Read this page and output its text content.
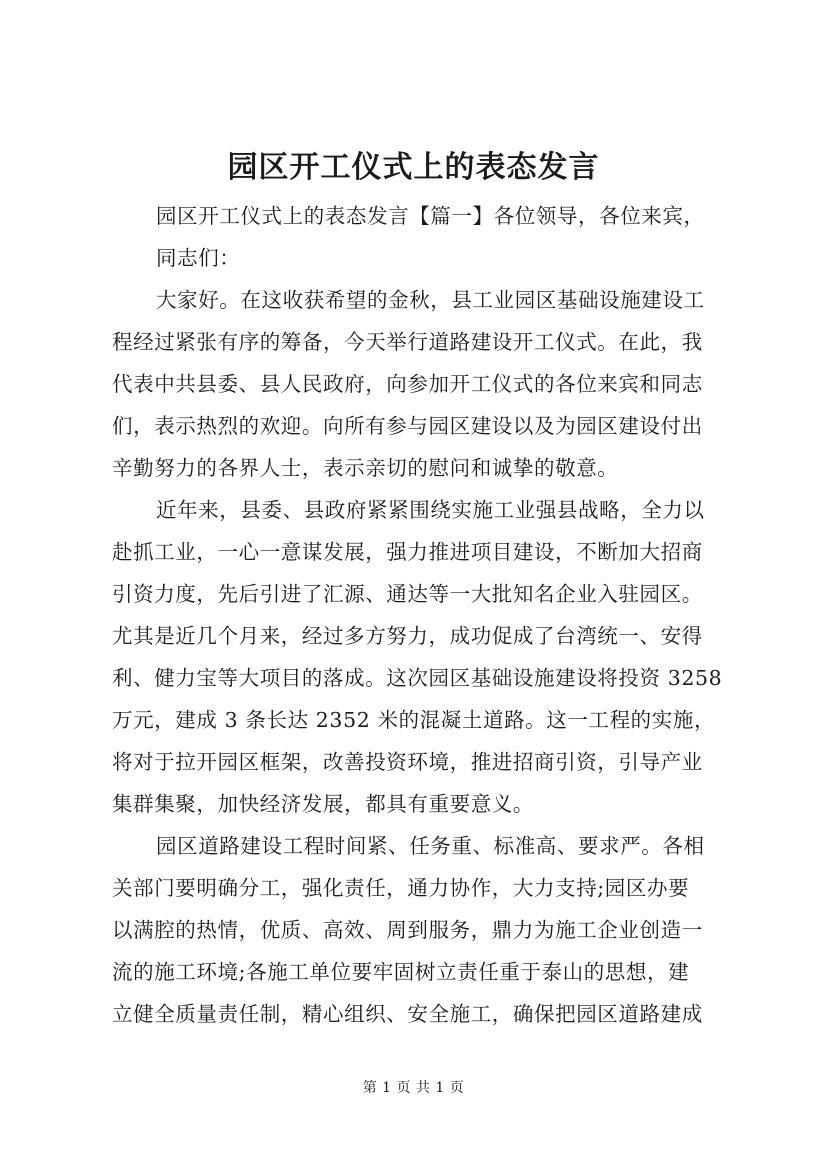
园区开工仪式上的表态发言
园区开工仪式上的表态发言【篇一】各位领导，各位来宾，
同志们：
大家好。在这收获希望的金秋，县工业园区基础设施建设工
程经过紧张有序的筹备，今天举行道路建设开工仪式。在此，我
代表中共县委、县人民政府，向参加开工仪式的各位来宾和同志
们，表示热烈的欢迎。向所有参与园区建设以及为园区建设付出
辛勤努力的各界人士，表示亲切的慰问和诚挚的敬意。
近年来，县委、县政府紧紧围绕实施工业强县战略，全力以
赴抓工业，一心一意谋发展，强力推进项目建设，不断加大招商
引资力度，先后引进了汇源、通达等一大批知名企业入驻园区。
尤其是近几个月来，经过多方努力，成功促成了台湾统一、安得
利、健力宝等大项目的落成。这次园区基础设施建设将投资 3258
万元，建成 3 条长达 2352 米的混凝土道路。这一工程的实施，
将对于拉开园区框架，改善投资环境，推进招商引资，引导产业
集群集聚，加快经济发展，都具有重要意义。
园区道路建设工程时间紧、任务重、标准高、要求严。各相
关部门要明确分工，强化责任，通力协作，大力支持;园区办要
以满腔的热情，优质、高效、周到服务，鼎力为施工企业创造一
流的施工环境;各施工单位要牢固树立责任重于泰山的思想，建
立健全质量责任制，精心组织、安全施工，确保把园区道路建成
第 1 页 共 1 页
